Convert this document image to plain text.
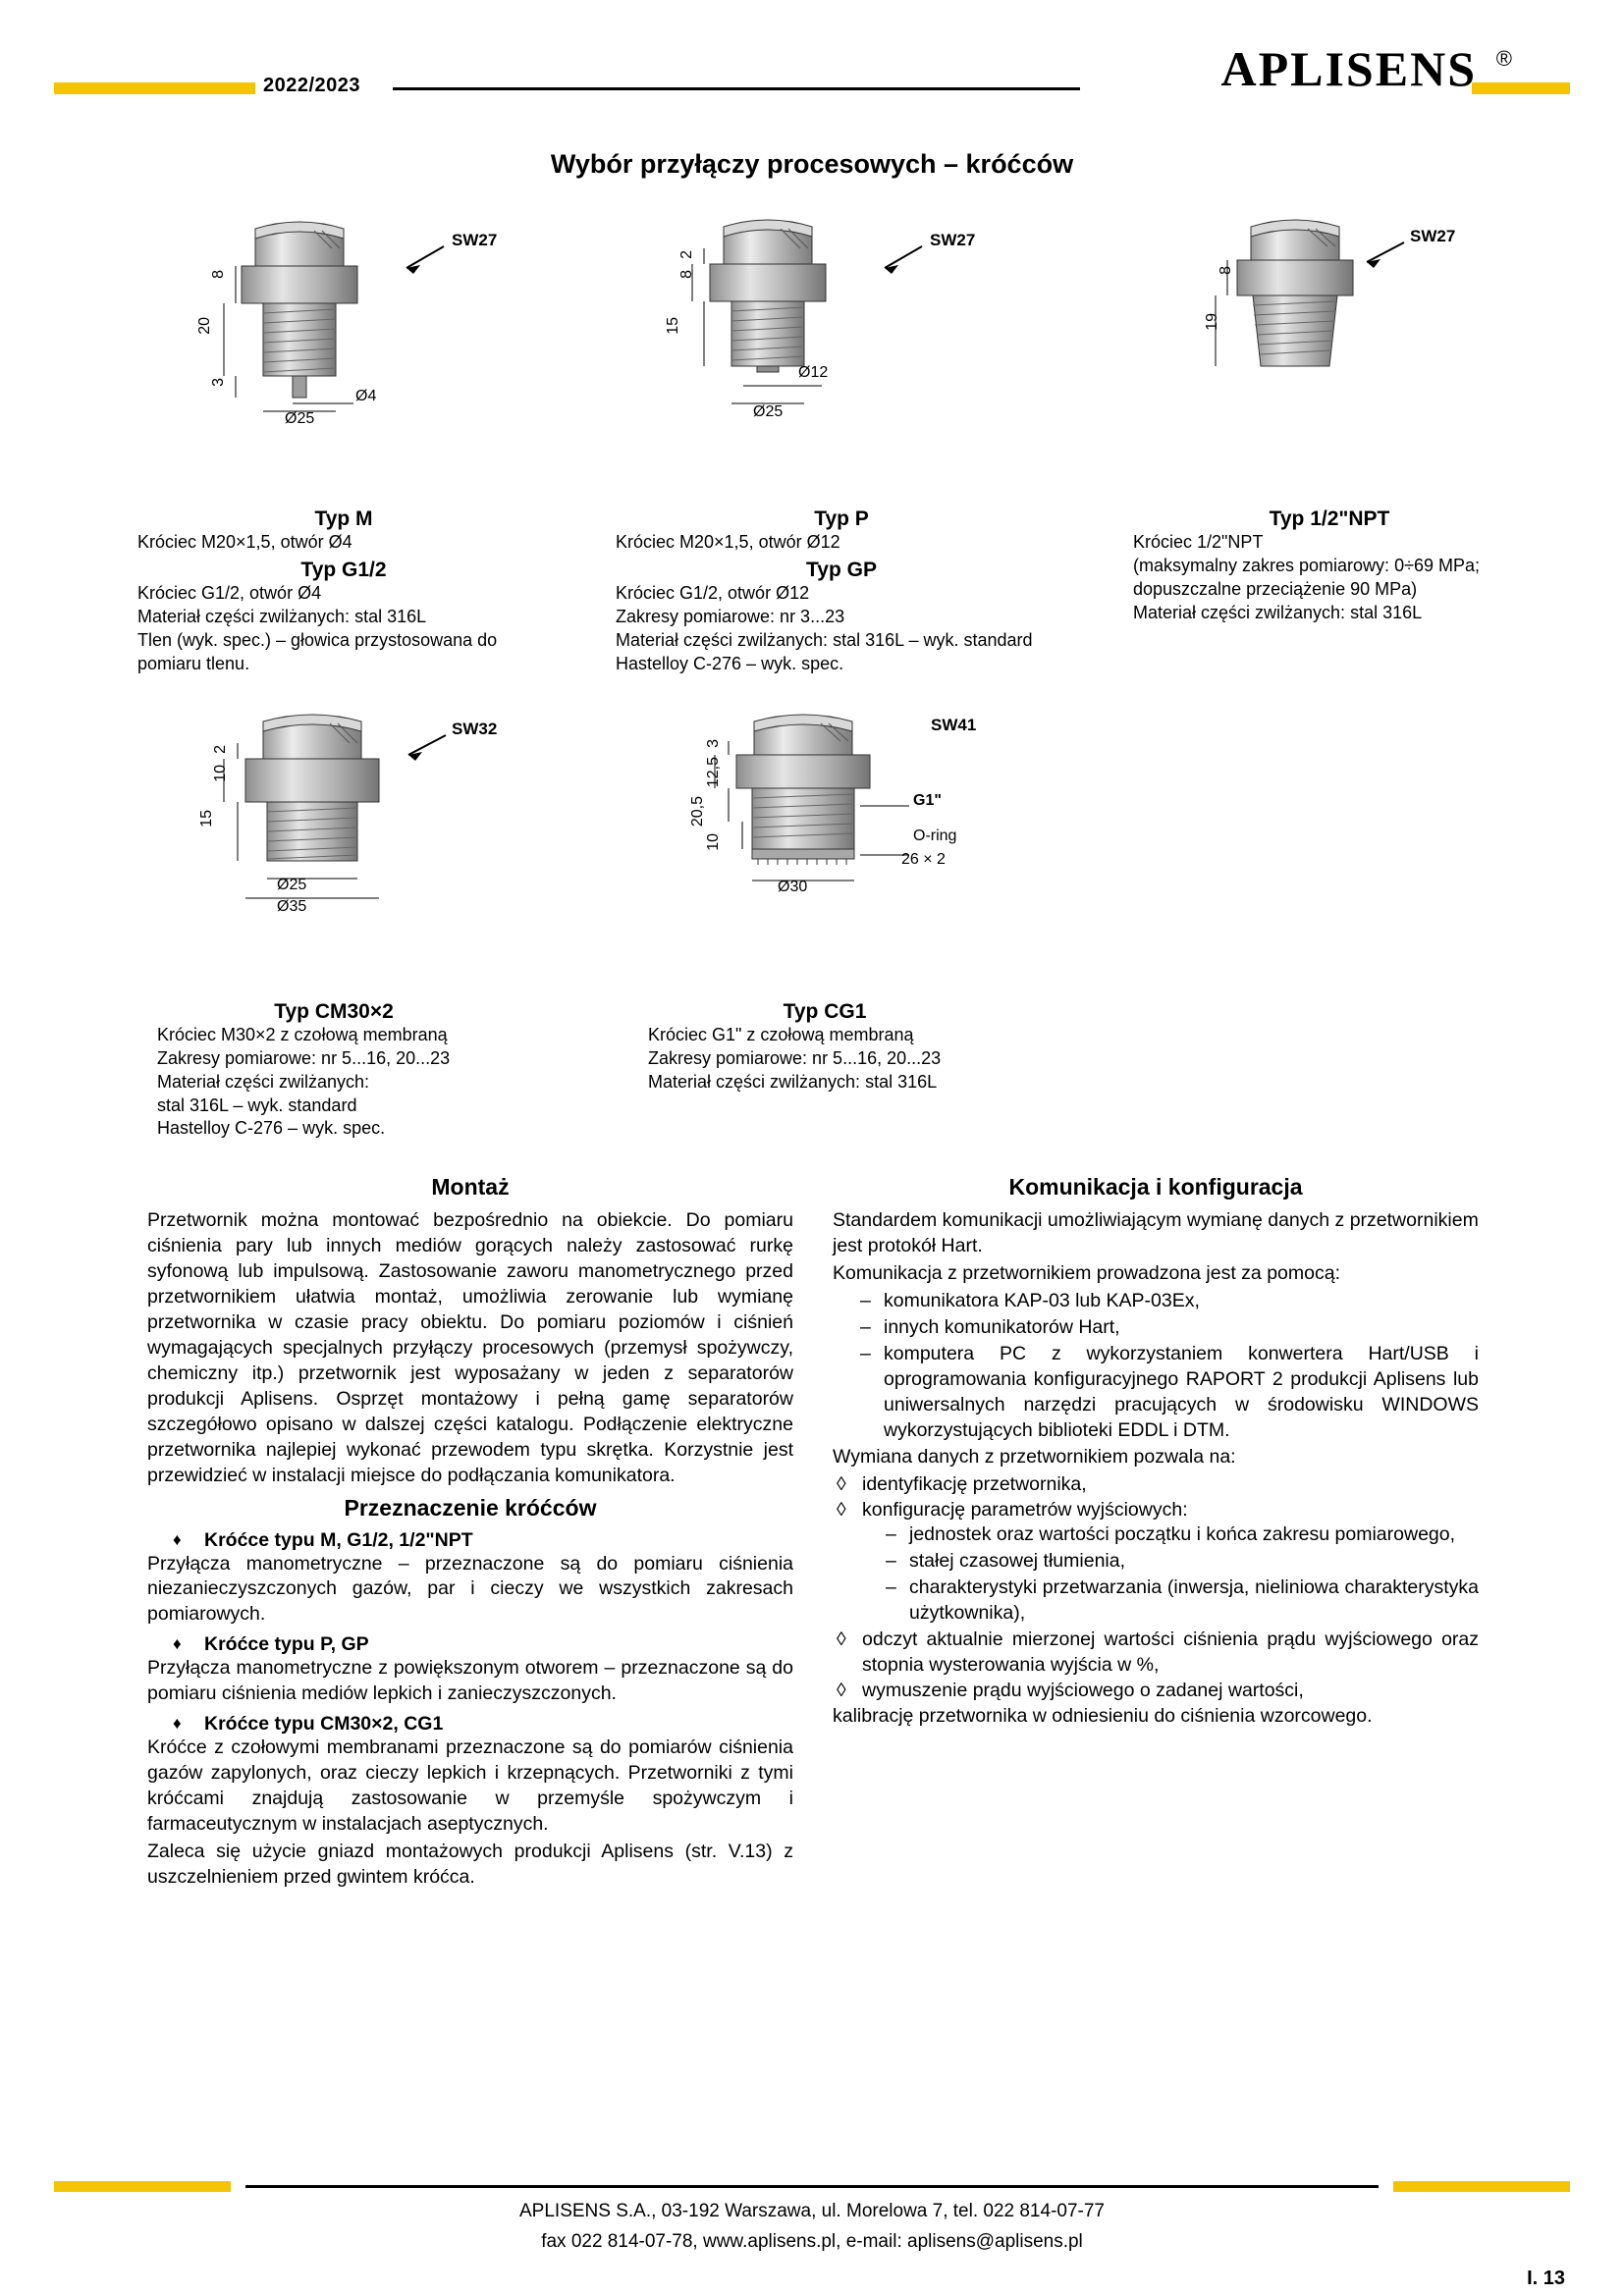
2022/2023	APLISENS ®
Wybór przyłączy procesowych – króćców
SW27
8
20
3
Ø4
Ø25
Typ M
Króciec M20×1,5, otwór Ø4
Typ G1/2
Króciec G1/2, otwór Ø4
Materiał części zwilżanych: stal 316L
Tlen (wyk. spec.) – głowica przystosowana do
pomiaru tlenu.
SW27
2
8
15
Ø12
Ø25
Typ P
Króciec M20×1,5, otwór Ø12
Typ GP
Króciec G1/2, otwór Ø12
Zakresy pomiarowe: nr 3...23
Materiał części zwilżanych: stal 316L – wyk. standard
Hastelloy C-276 – wyk. spec.
SW27
8
19
Typ 1/2"NPT
Króciec 1/2"NPT
(maksymalny zakres pomiarowy: 0÷69 MPa;
dopuszczalne przeciążenie 90 MPa)
Materiał części zwilżanych: stal 316L
SW32
2
10
15
Ø25
Ø35
Typ CM30×2
Króciec M30×2 z czołową membraną
Zakresy pomiarowe: nr 5...16, 20...23
Materiał części zwilżanych:
stal 316L – wyk. standard
Hastelloy C-276 – wyk. spec.
SW41
3
12,5
20,5
10
Ø30
G1"
O-ring
26 × 2
Typ CG1
Króciec G1" z czołową membraną
Zakresy pomiarowe: nr 5...16, 20...23
Materiał części zwilżanych: stal 316L
Montaż

Przetwornik można montować bezpośrednio na obiekcie. Do pomiaru ciśnienia pary lub innych mediów gorących należy zastosować rurkę syfonową lub impulsową. Zastosowanie zaworu manometrycznego przed przetwornikiem ułatwia montaż, umożliwia zerowanie lub wymianę przetwornika w czasie pracy obiektu. Do pomiaru poziomów i ciśnień wymagających specjalnych przyłączy procesowych (przemysł spożywczy, chemiczny itp.) przetwornik jest wyposażany w jeden z separatorów produkcji Aplisens. Osprzęt montażowy i pełną gamę separatorów szczegółowo opisano w dalszej części katalogu. Podłączenie elektryczne przetwornika najlepiej wykonać przewodem typu skrętka. Korzystnie jest przewidzieć w instalacji miejsce do podłączania komunikatora.

Przeznaczenie króćców
♦ Króćce typu M, G1/2, 1/2"NPT

Przyłącza manometryczne – przeznaczone są do pomiaru ciśnienia niezanieczyszczonych gazów, par i cieczy we wszystkich zakresach pomiarowych.

♦ Króćce typu P, GP

Przyłącza manometryczne z powiększonym otworem – przeznaczone są do pomiaru ciśnienia mediów lepkich i zanieczyszczonych.

♦ Króćce typu CM30×2, CG1

Króćce z czołowymi membranami przeznaczone są do pomiarów ciśnienia gazów zapylonych, oraz cieczy lepkich i krzepnących. Przetworniki z tymi króćcami znajdują zastosowanie w przemyśle spożywczym i farmaceutycznym w instalacjach aseptycznych.

Zaleca się użycie gniazd montażowych produkcji Aplisens (str. V.13) z uszczelnieniem przed gwintem króćca.

Komunikacja i konfiguracja

Standardem komunikacji umożliwiającym wymianę danych z przetwornikiem jest protokół Hart.

Komunikacja z przetwornikiem prowadzona jest za pomocą:

– komunikatora KAP-03 lub KAP-03Ex,
– innych komunikatorów Hart,
– komputera PC z wykorzystaniem konwertera Hart/USB i oprogramowania konfiguracyjnego RAPORT 2 produkcji Aplisens lub uniwersalnych narzędzi pracujących w środowisku WINDOWS wykorzystujących biblioteki EDDL i DTM.

Wymiana danych z przetwornikiem pozwala na:

◊ identyfikację przetwornika,
◊ konfigurację parametrów wyjściowych:
– jednostek oraz wartości początku i końca zakresu pomiarowego,
– stałej czasowej tłumienia,
– charakterystyki przetwarzania (inwersja, nieliniowa charakterystyka użytkownika),
◊ odczyt aktualnie mierzonej wartości ciśnienia prądu wyjściowego oraz stopnia wysterowania wyjścia w %,
◊ wymuszenie prądu wyjściowego o zadanej wartości,

kalibrację przetwornika w odniesieniu do ciśnienia wzorcowego.

APLISENS S.A., 03-192 Warszawa, ul. Morelowa 7, tel. 022 814-07-77
fax 022 814-07-78, www.aplisens.pl, e-mail: aplisens@aplisens.pl
I. 13
